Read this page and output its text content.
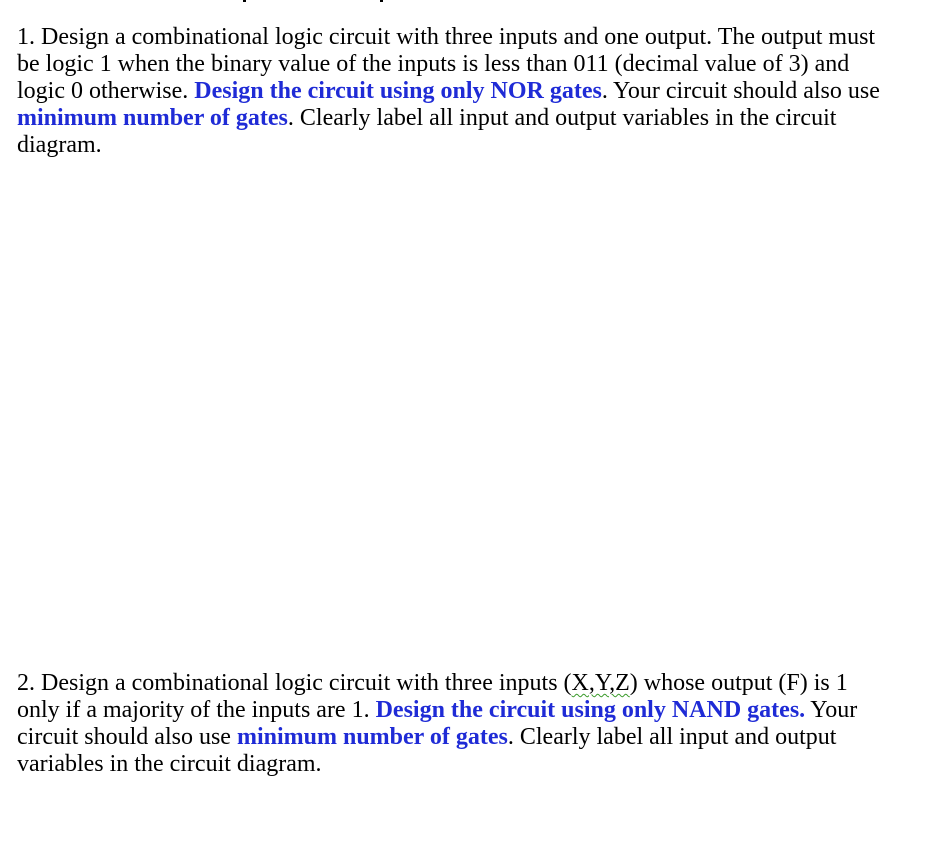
1. Design a combinational logic circuit with three inputs and one output. The output must be logic 1 when the binary value of the inputs is less than 011 (decimal value of 3) and logic 0 otherwise. Design the circuit using only NOR gates. Your circuit should also use minimum number of gates. Clearly label all input and output variables in the circuit diagram.

2. Design a combinational logic circuit with three inputs (X,Y,Z) whose output (F) is 1 only if a majority of the inputs are 1. Design the circuit using only NAND gates. Your circuit should also use minimum number of gates. Clearly label all input and output variables in the circuit diagram.
